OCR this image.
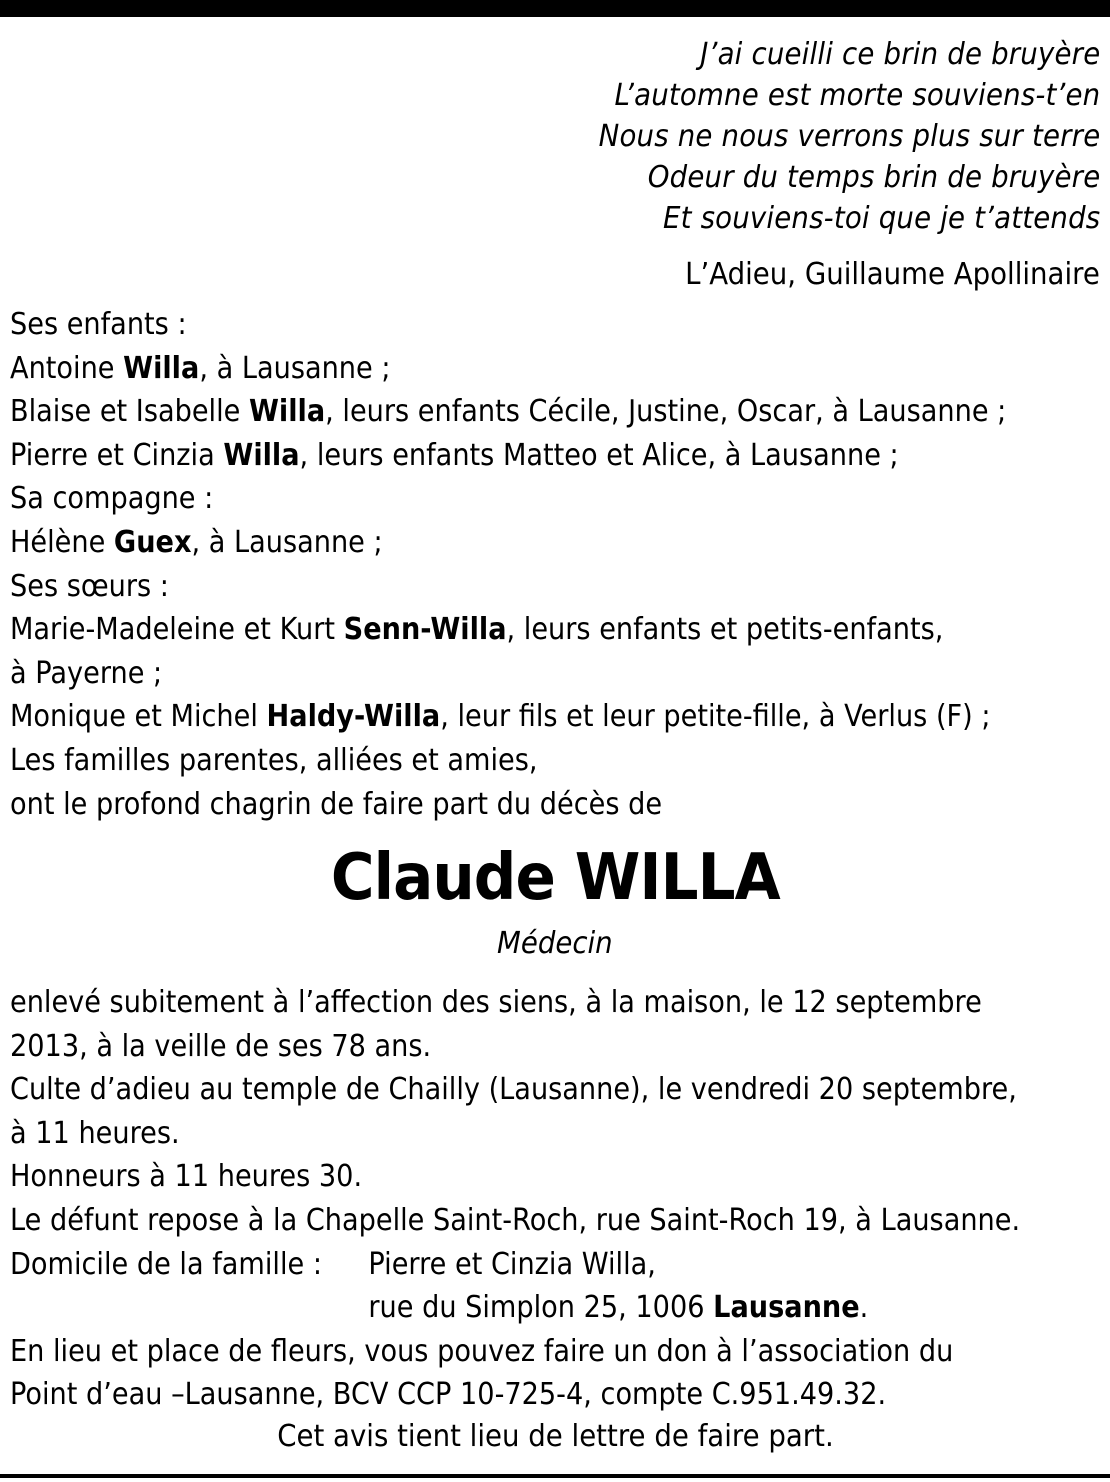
J’ai cueilli ce brin de bruyère
L’automne est morte souviens-t’en
Nous ne nous verrons plus sur terre
Odeur du temps brin de bruyère
Et souviens-toi que je t’attends
L’Adieu, Guillaume Apollinaire
Ses enfants :
Antoine Willa, à Lausanne ;
Blaise et Isabelle Willa, leurs enfants Cécile, Justine, Oscar, à Lausanne ;
Pierre et Cinzia Willa, leurs enfants Matteo et Alice, à Lausanne ;
Sa compagne :
Hélène Guex, à Lausanne ;
Ses sœurs :
Marie-Madeleine et Kurt Senn-Willa, leurs enfants et petits-enfants,
à Payerne ;
Monique et Michel Haldy-Willa, leur fils et leur petite-fille, à Verlus (F) ;
Les familles parentes, alliées et amies,
ont le profond chagrin de faire part du décès de
Claude WILLA
Médecin
enlevé subitement à l’affection des siens, à la maison, le 12 septembre
2013, à la veille de ses 78 ans.
Culte d’adieu au temple de Chailly (Lausanne), le vendredi 20 septembre,
à 11 heures.
Honneurs à 11 heures 30.
Le défunt repose à la Chapelle Saint-Roch, rue Saint-Roch 19, à Lausanne.
Domicile de la famille : Pierre et Cinzia Willa,
rue du Simplon 25, 1006 Lausanne.
En lieu et place de fleurs, vous pouvez faire un don à l’association du
Point d’eau –Lausanne, BCV CCP 10-725-4, compte C.951.49.32.
Cet avis tient lieu de lettre de faire part.
